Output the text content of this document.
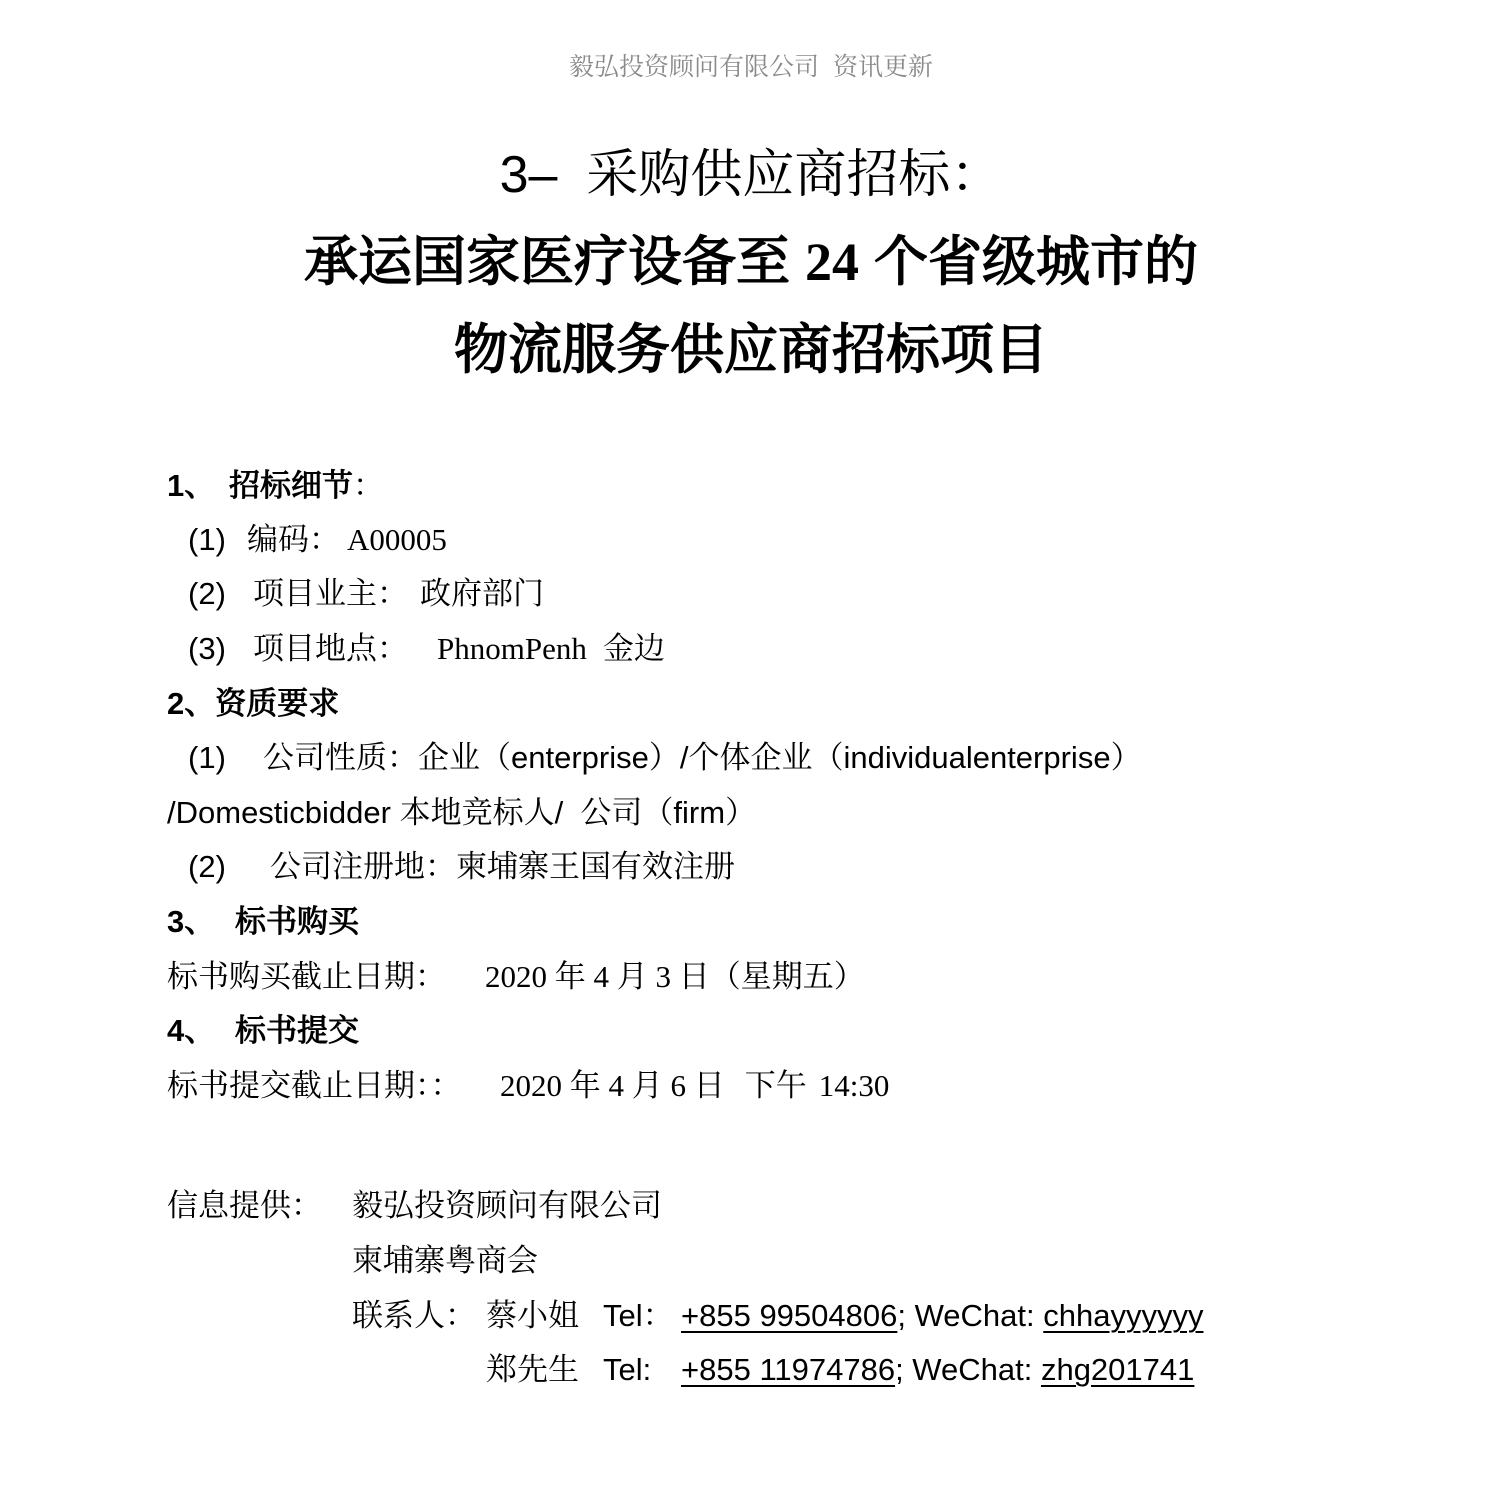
毅弘投资顾问有限公司  资讯更新
3–  采购供应商招标：
承运国家医疗设备至 24 个省级城市的
物流服务供应商招标项目
1、 招标细节：
(1) 编码： A00005
(2) 项目业主： 政府部门
(3) 项目地点： PhnomPenh 金边
2、资质要求
(1) 公司性质：企业（enterprise）/个体企业（individualenterprise）
/Domesticbidder 本地竞标人/  公司（firm）
(2) 公司注册地：柬埔寨王国有效注册
3、 标书购买
标书购买截止日期： 2020 年 4 月 3 日（星期五）
4、 标书提交
标书提交截止日期：： 2020 年 4 月 6 日 下午 14:30
信息提供： 毅弘投资顾问有限公司
柬埔寨粤商会
联系人： 蔡小姐 Tel： +855 99504806; WeChat: chhayyyyyy
郑先生 Tel: +855 11974786; WeChat: zhg201741
